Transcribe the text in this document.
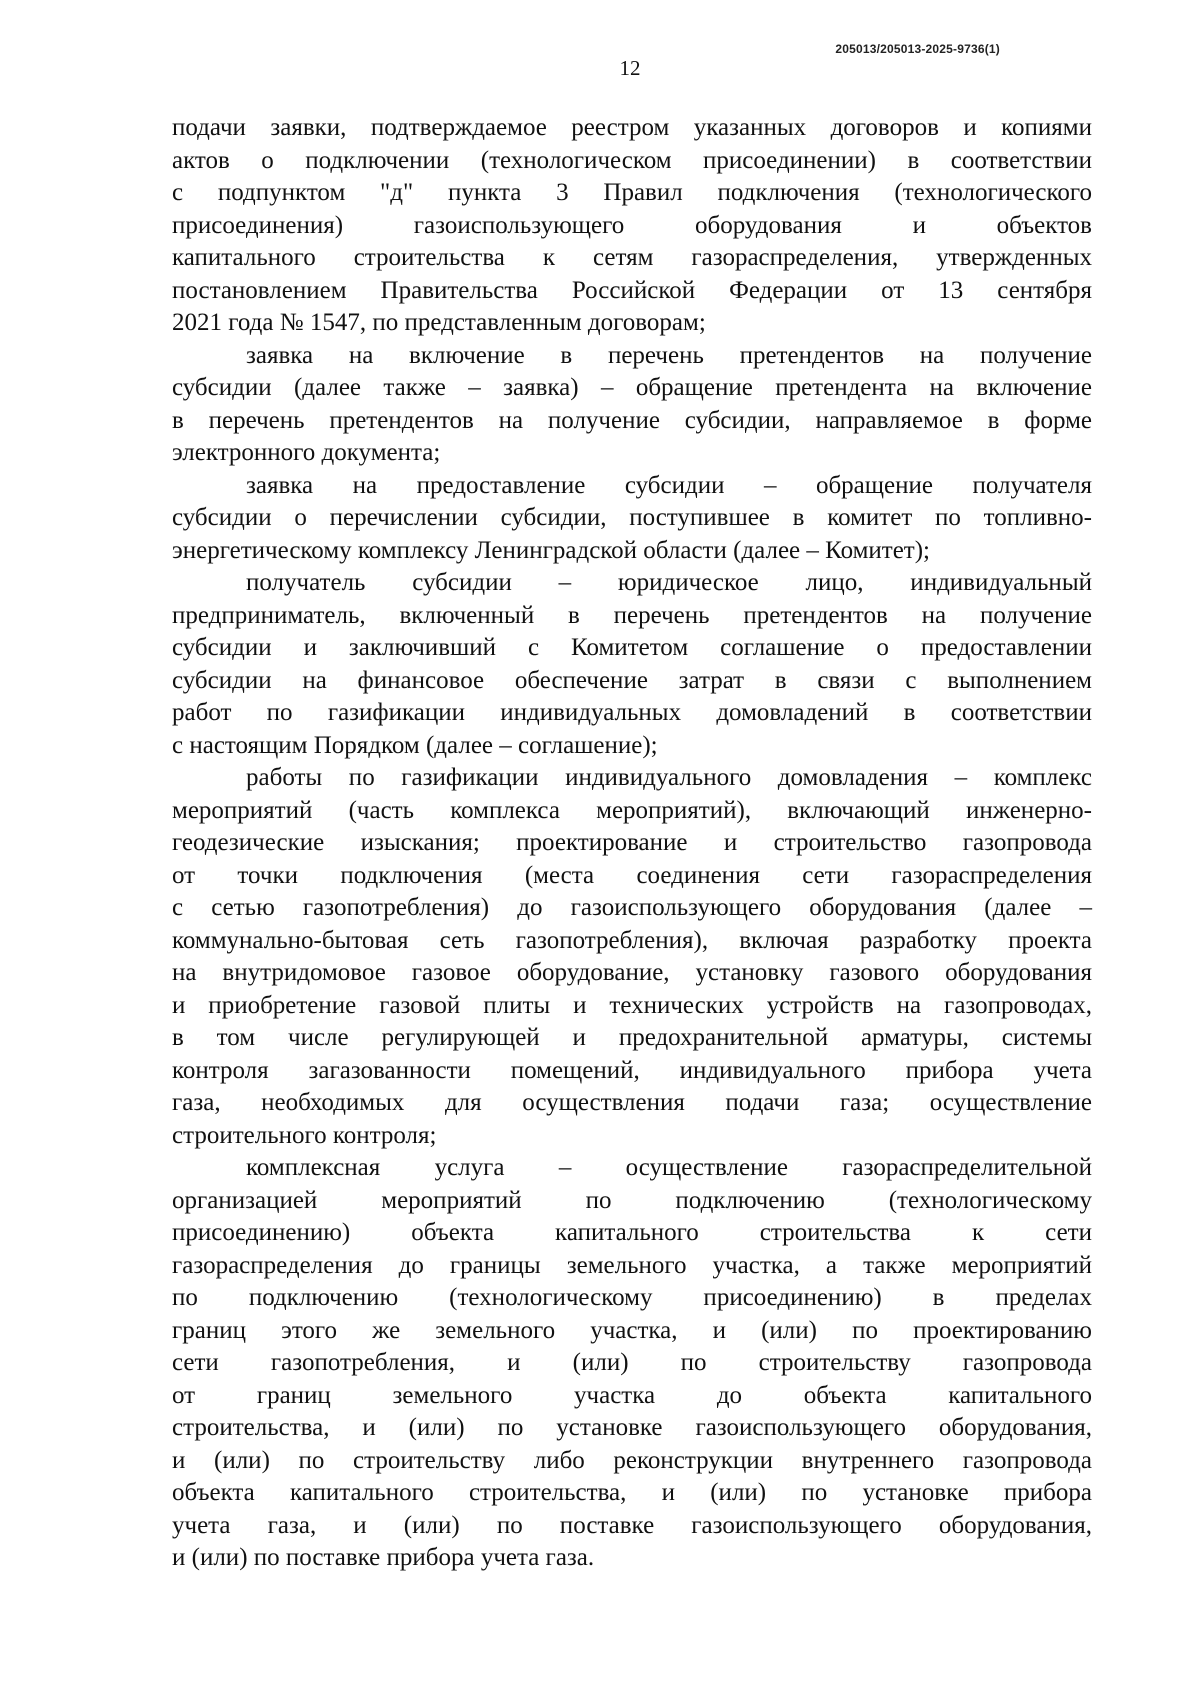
205013/205013-2025-9736(1)
12
подачи заявки, подтверждаемое реестром указанных договоров и копиями
актов о подключении (технологическом присоединении) в соответствии
с подпунктом "д" пункта 3 Правил подключения (технологического
присоединения) газоиспользующего оборудования и объектов
капитального строительства к сетям газораспределения, утвержденных
постановлением Правительства Российской Федерации от 13 сентября
2021 года № 1547, по представленным договорам;
заявка на включение в перечень претендентов на получение
субсидии (далее также – заявка) – обращение претендента на включение
в перечень претендентов на получение субсидии, направляемое в форме
электронного документа;
заявка на предоставление субсидии – обращение получателя
субсидии о перечислении субсидии, поступившее в комитет по топливно-
энергетическому комплексу Ленинградской области (далее – Комитет);
получатель субсидии – юридическое лицо, индивидуальный
предприниматель, включенный в перечень претендентов на получение
субсидии и заключивший с Комитетом соглашение о предоставлении
субсидии на финансовое обеспечение затрат в связи с выполнением
работ по газификации индивидуальных домовладений в соответствии
с настоящим Порядком (далее – соглашение);
работы по газификации индивидуального домовладения – комплекс
мероприятий (часть комплекса мероприятий), включающий инженерно-
геодезические изыскания; проектирование и строительство газопровода
от точки подключения (места соединения сети газораспределения
с сетью газопотребления) до газоиспользующего оборудования (далее –
коммунально-бытовая сеть газопотребления), включая разработку проекта
на внутридомовое газовое оборудование, установку газового оборудования
и приобретение газовой плиты и технических устройств на газопроводах,
в том числе регулирующей и предохранительной арматуры, системы
контроля загазованности помещений, индивидуального прибора учета
газа, необходимых для осуществления подачи газа; осуществление
строительного контроля;
комплексная услуга – осуществление газораспределительной
организацией мероприятий по подключению (технологическому
присоединению) объекта капитального строительства к сети
газораспределения до границы земельного участка, а также мероприятий
по подключению (технологическому присоединению) в пределах
границ этого же земельного участка, и (или) по проектированию
сети газопотребления, и (или) по строительству газопровода
от границ земельного участка до объекта капитального
строительства, и (или) по установке газоиспользующего оборудования,
и (или) по строительству либо реконструкции внутреннего газопровода
объекта капитального строительства, и (или) по установке прибора
учета газа, и (или) по поставке газоиспользующего оборудования,
и (или) по поставке прибора учета газа.
